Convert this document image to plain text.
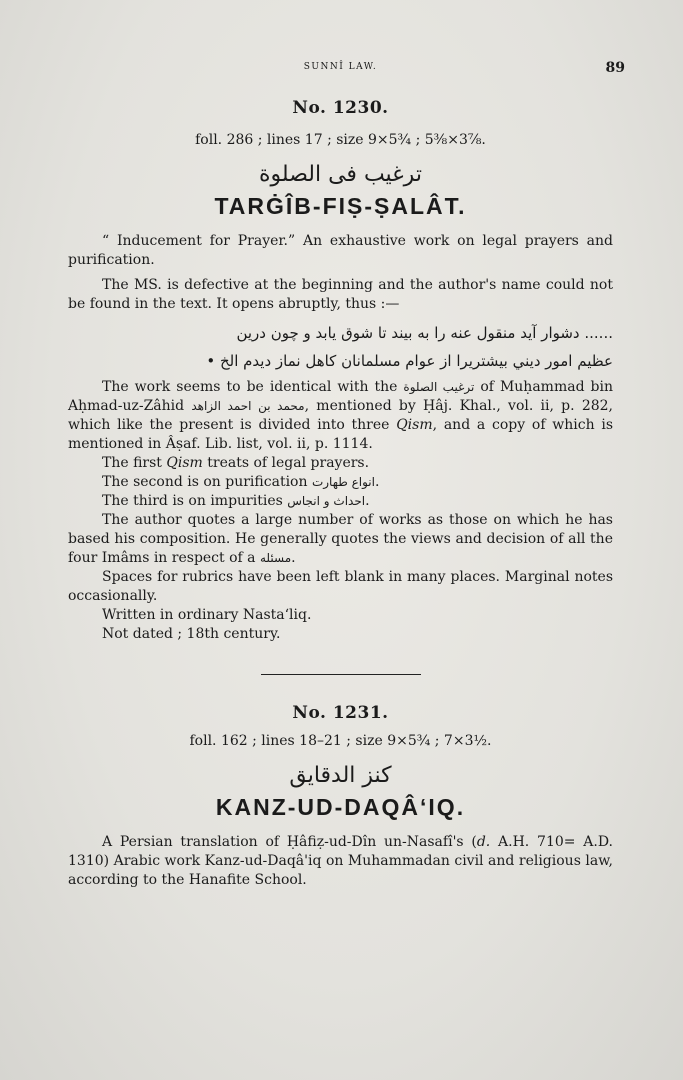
SUNNÎ LAW.	89
No. 1230.
foll. 286 ; lines 17 ; size 9×5¾ ; 5⅜×3⅞.
ترغيب فى الصلوة
TARĠÎB-FIṢ-ṢALÂT.

“ Inducement for Prayer.” An exhaustive work on legal prayers and purification.

The MS. is defective at the beginning and the author's name could not be found in the text. It opens abruptly, thus :—

...... دشوار آيد منقول عنه را به بيند تا شوق يابد و چون درين
عظيم امور ديني بيشتريرا از عوام مسلمانان كاهل نماز ديدم الخ •

The work seems to be identical with the ترغيب الصلوة of Muḥammad bin Aḥmad-uz-Zâhid محمد بن احمد الزاهد, mentioned by Ḥâj. Khal., vol. ii, p. 282, which like the present is divided into three Qism, and a copy of which is mentioned in Âṣaf. Lib. list, vol. ii, p. 1114.

The first Qism treats of legal prayers.

The second is on purification انواع طهارت.

The third is on impurities احداث و انجاس.

The author quotes a large number of works as those on which he has based his composition. He generally quotes the views and decision of all the four Imâms in respect of a مسئله.

Spaces for rubrics have been left blank in many places. Marginal notes occasionally.

Written in ordinary Nastaʻliq.

Not dated ; 18th century.

No. 1231.
foll. 162 ; lines 18–21 ; size 9×5¾ ; 7×3½.
كنز الدقايق
KANZ-UD-DAQÂ‘IQ.

A Persian translation of Ḥâfiẓ-ud-Dîn un-Nasafî's (d. A.H. 710= A.D. 1310) Arabic work Kanz-ud-Daqâ'iq on Muhammadan civil and religious law, according to the Hanafite School.
